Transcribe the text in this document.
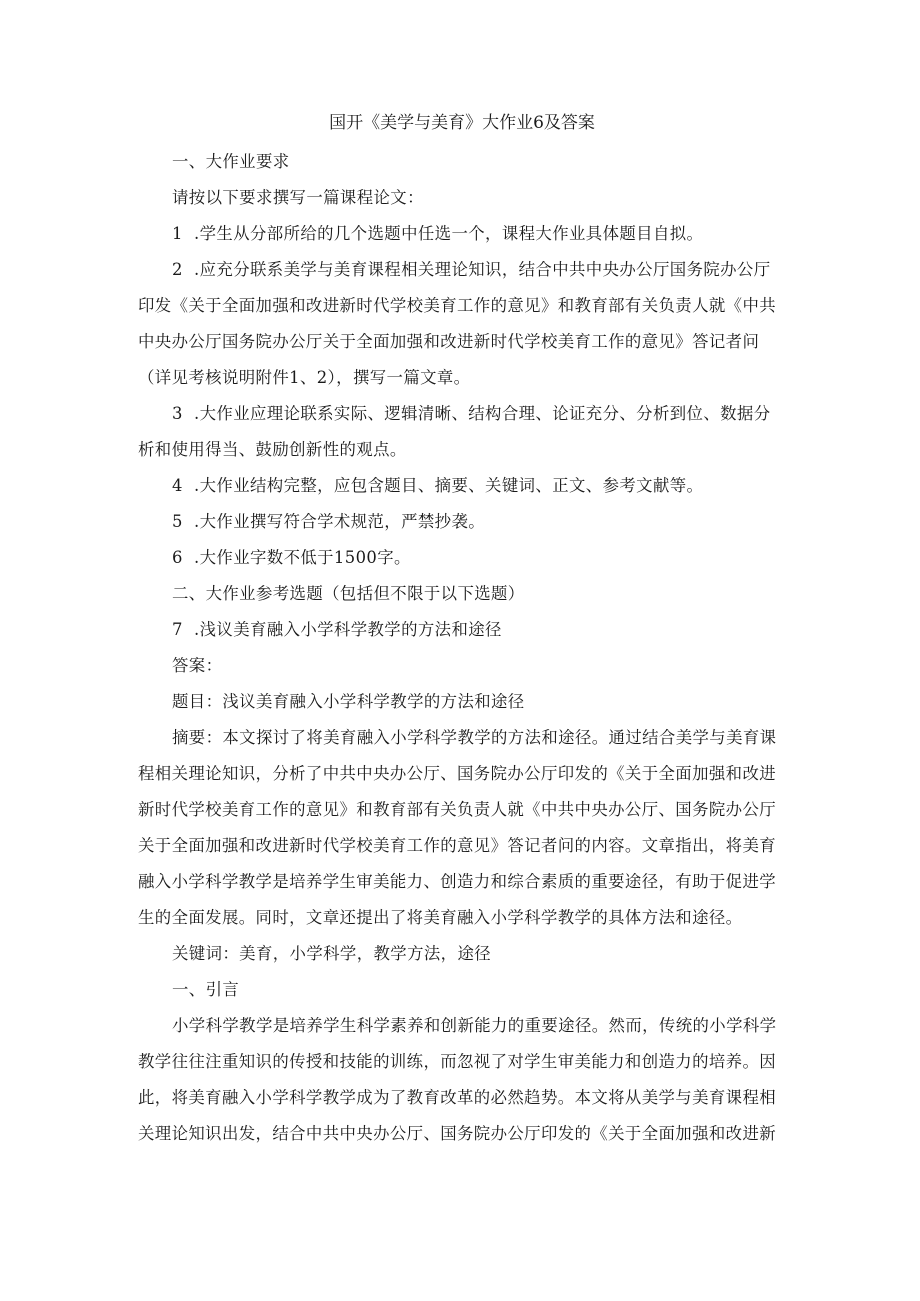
国开《美学与美育》大作业6及答案
一、大作业要求
请按以下要求撰写一篇课程论文：
1 .学生从分部所给的几个选题中任选一个，课程大作业具体题目自拟。
2 .应充分联系美学与美育课程相关理论知识，结合中共中央办公厅国务院办公厅
印发《关于全面加强和改进新时代学校美育工作的意见》和教育部有关负责人就《中共
中央办公厅国务院办公厅关于全面加强和改进新时代学校美育工作的意见》答记者问
（详见考核说明附件1、2），撰写一篇文章。
3 .大作业应理论联系实际、逻辑清晰、结构合理、论证充分、分析到位、数据分
析和使用得当、鼓励创新性的观点。
4 .大作业结构完整，应包含题目、摘要、关键词、正文、参考文献等。
5 .大作业撰写符合学术规范，严禁抄袭。
6 .大作业字数不低于1500字。
二、大作业参考选题（包括但不限于以下选题）
7 .浅议美育融入小学科学教学的方法和途径
答案：
题目：浅议美育融入小学科学教学的方法和途径
摘要：本文探讨了将美育融入小学科学教学的方法和途径。通过结合美学与美育课
程相关理论知识，分析了中共中央办公厅、国务院办公厅印发的《关于全面加强和改进
新时代学校美育工作的意见》和教育部有关负责人就《中共中央办公厅、国务院办公厅
关于全面加强和改进新时代学校美育工作的意见》答记者问的内容。文章指出，将美育
融入小学科学教学是培养学生审美能力、创造力和综合素质的重要途径，有助于促进学
生的全面发展。同时，文章还提出了将美育融入小学科学教学的具体方法和途径。
关键词：美育，小学科学，教学方法，途径
一、引言
小学科学教学是培养学生科学素养和创新能力的重要途径。然而，传统的小学科学
教学往往注重知识的传授和技能的训练，而忽视了对学生审美能力和创造力的培养。因
此，将美育融入小学科学教学成为了教育改革的必然趋势。本文将从美学与美育课程相
关理论知识出发，结合中共中央办公厅、国务院办公厅印发的《关于全面加强和改进新
